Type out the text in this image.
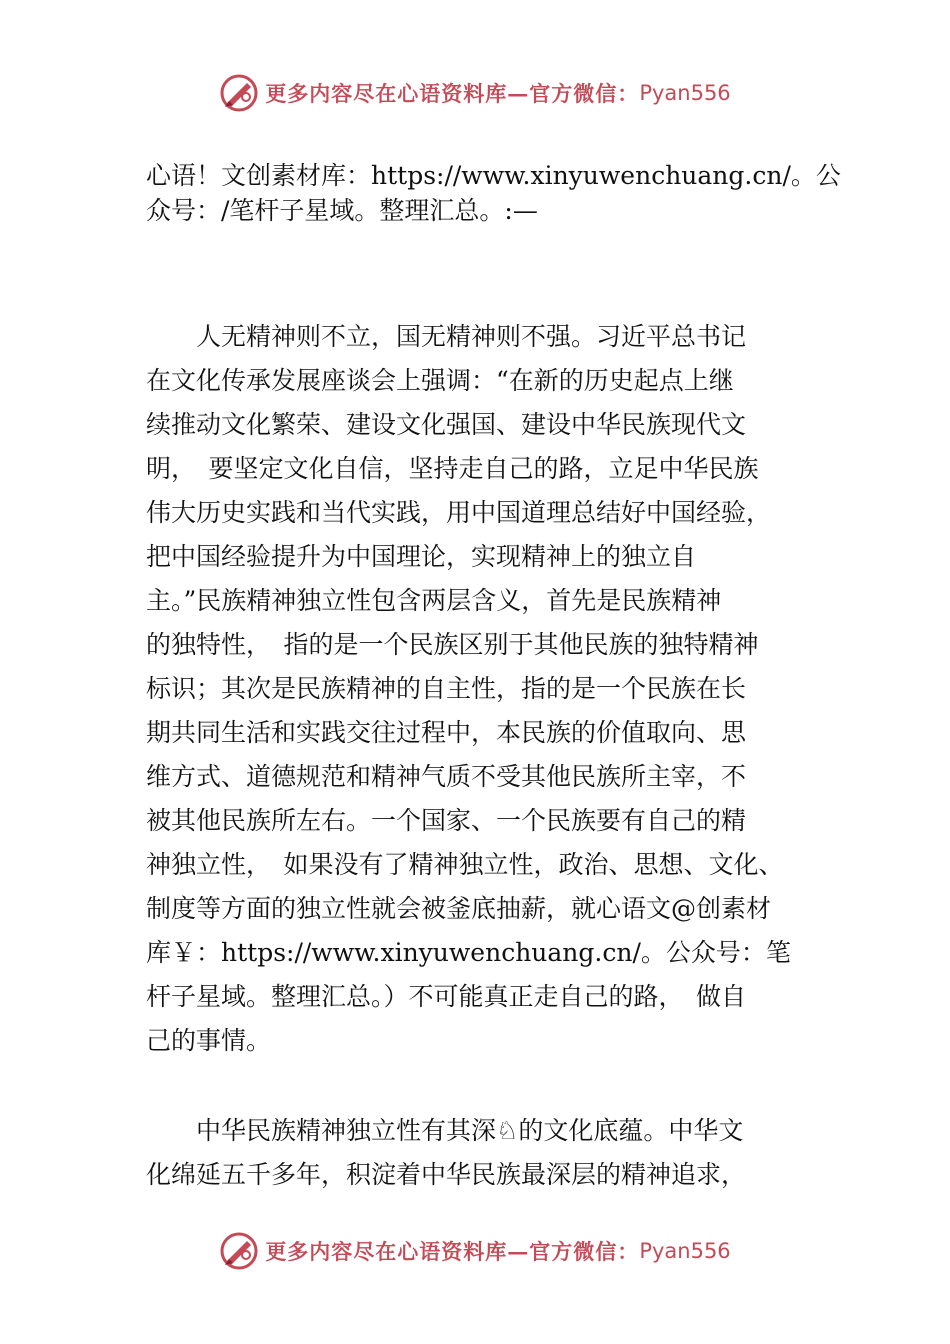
更多内容尽在心语资料库—官方微信： Pyan556
心语！文创素材库：https://www.xinyuwenchuang.cn/。公
众号：/笔杆子星域。整理汇总。:—
　　人无精神则不立，国无精神则不强。习近平总书记
在文化传承发展座谈会上强调：“在新的历史起点上继
续推动文化繁荣、建设文化强国、建设中华民族现代文
明，　要坚定文化自信，坚持走自己的路，立足中华民族
伟大历史实践和当代实践，用中国道理总结好中国经验，
把中国经验提升为中国理论，实现精神上的独立自
主。”民族精神独立性包含两层含义，首先是民族精神
的独特性，　指的是一个民族区别于其他民族的独特精神
标识；其次是民族精神的自主性，指的是一个民族在长
期共同生活和实践交往过程中，本民族的价值取向、思
维方式、道德规范和精神气质不受其他民族所主宰，不
被其他民族所左右。一个国家、一个民族要有自己的精
神独立性，　如果没有了精神独立性，政治、思想、文化、
制度等方面的独立性就会被釜底抽薪，就心语文@创素材
库￥：https://www.xinyuwenchuang.cn/。公众号：笔
杆子星域。整理汇总。）不可能真正走自己的路，　做自
己的事情。
　　中华民族精神独立性有其深♘的文化底蕴。中华文
化绵延五千多年，积淀着中华民族最深层的精神追求，
更多内容尽在心语资料库—官方微信： Pyan556
